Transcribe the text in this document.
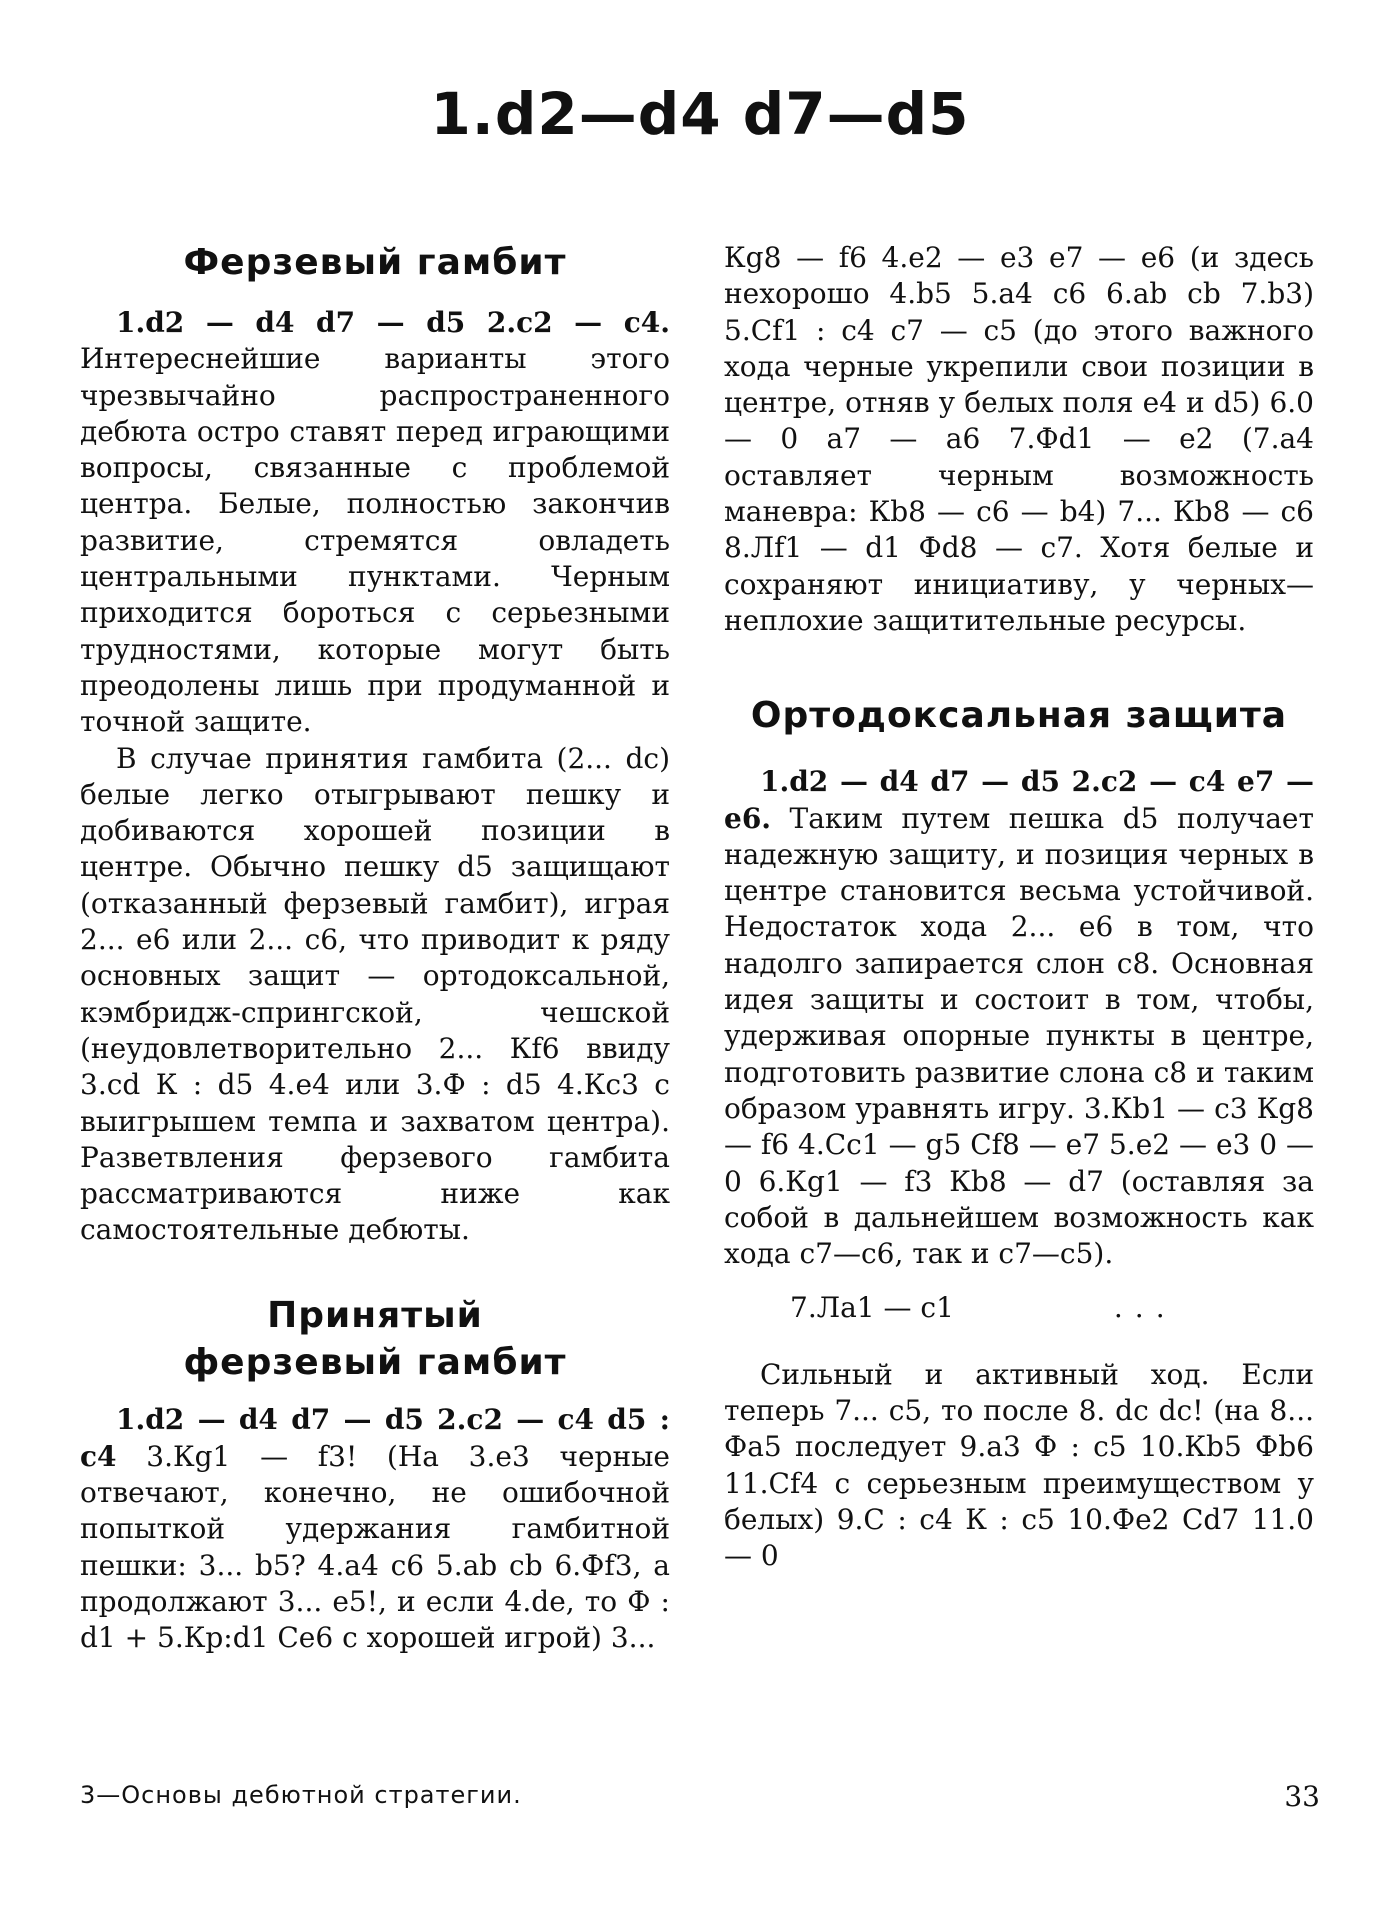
1.d2—d4 d7—d5
Ферзевый гамбит

1.d2 — d4 d7 — d5 2.c2 — c4. Интереснейшие варианты этого чрезвычайно распространенного дебюта остро ставят перед играющими вопросы, связанные с проблемой центра. Белые, полностью закончив развитие, стремятся овладеть центральными пунктами. Черным приходится бороться с серьезными трудностями, которые могут быть преодолены лишь при продуманной и точной защите.

В случае принятия гамбита (2... dc) белые легко отыгрывают пешку и добиваются хорошей позиции в центре. Обычно пешку d5 защищают (отказанный ферзевый гамбит), играя 2... e6 или 2... c6, что приводит к ряду основных защит — ортодоксальной, кэмбридж-спрингской, чешской (неудовлетворительно 2... Кf6 ввиду 3.cd К : d5 4.e4 или 3.Ф : d5 4.Кc3 с выигрышем темпа и захватом центра). Разветвления ферзевого гамбита рассматриваются ниже как самостоятельные дебюты.

Принятый
ферзевый гамбит

1.d2 — d4 d7 — d5 2.c2 — c4 d5 : c4 3.Кg1 — f3! (На 3.e3 черные отвечают, конечно, не ошибочной попыткой удержания гамбитной пешки: 3... b5? 4.a4 c6 5.ab cb 6.Фf3, а продолжают 3... e5!, и если 4.de, то Ф : d1 + 5.Кр:d1 Сe6 с хорошей игрой) 3...

Кg8 — f6 4.e2 — e3 e7 — e6 (и здесь нехорошо 4.b5 5.a4 c6 6.ab cb 7.b3) 5.Сf1 : c4 c7 — c5 (до этого важного хода черные укрепили свои позиции в центре, отняв у белых поля e4 и d5) 6.0 — 0 a7 — a6 7.Фd1 — e2 (7.a4 оставляет черным возможность маневра: Кb8 — c6 — b4) 7... Кb8 — c6 8.Лf1 — d1 Фd8 — c7. Хотя белые и сохраняют инициативу, у черных—неплохие защитительные ресурсы.

Ортодоксальная защита

1.d2 — d4 d7 — d5 2.c2 — c4 e7 — e6. Таким путем пешка d5 получает надежную защиту, и позиция черных в центре становится весьма устойчивой. Недостаток хода 2... e6 в том, что надолго запирается слон c8. Основная идея защиты и состоит в том, чтобы, удерживая опорные пункты в центре, подготовить развитие слона c8 и таким образом уравнять игру. 3.Кb1 — c3 Кg8 — f6 4.Сc1 — g5 Сf8 — e7 5.e2 — e3 0 — 0 6.Кg1 — f3 Кb8 — d7 (оставляя за собой в дальнейшем возможность как хода c7—c6, так и c7—c5).

7.Лa1 — c1	...

Сильный и активный ход. Если теперь 7... c5, то после 8. dc dc! (на 8... Фa5 последует 9.a3 Ф : c5 10.Кb5 Фb6 11.Сf4 с серьезным преимуществом у белых) 9.С : c4 К : c5 10.Фe2 Сd7 11.0 — 0

3—Основы дебютной стратегии.	33
